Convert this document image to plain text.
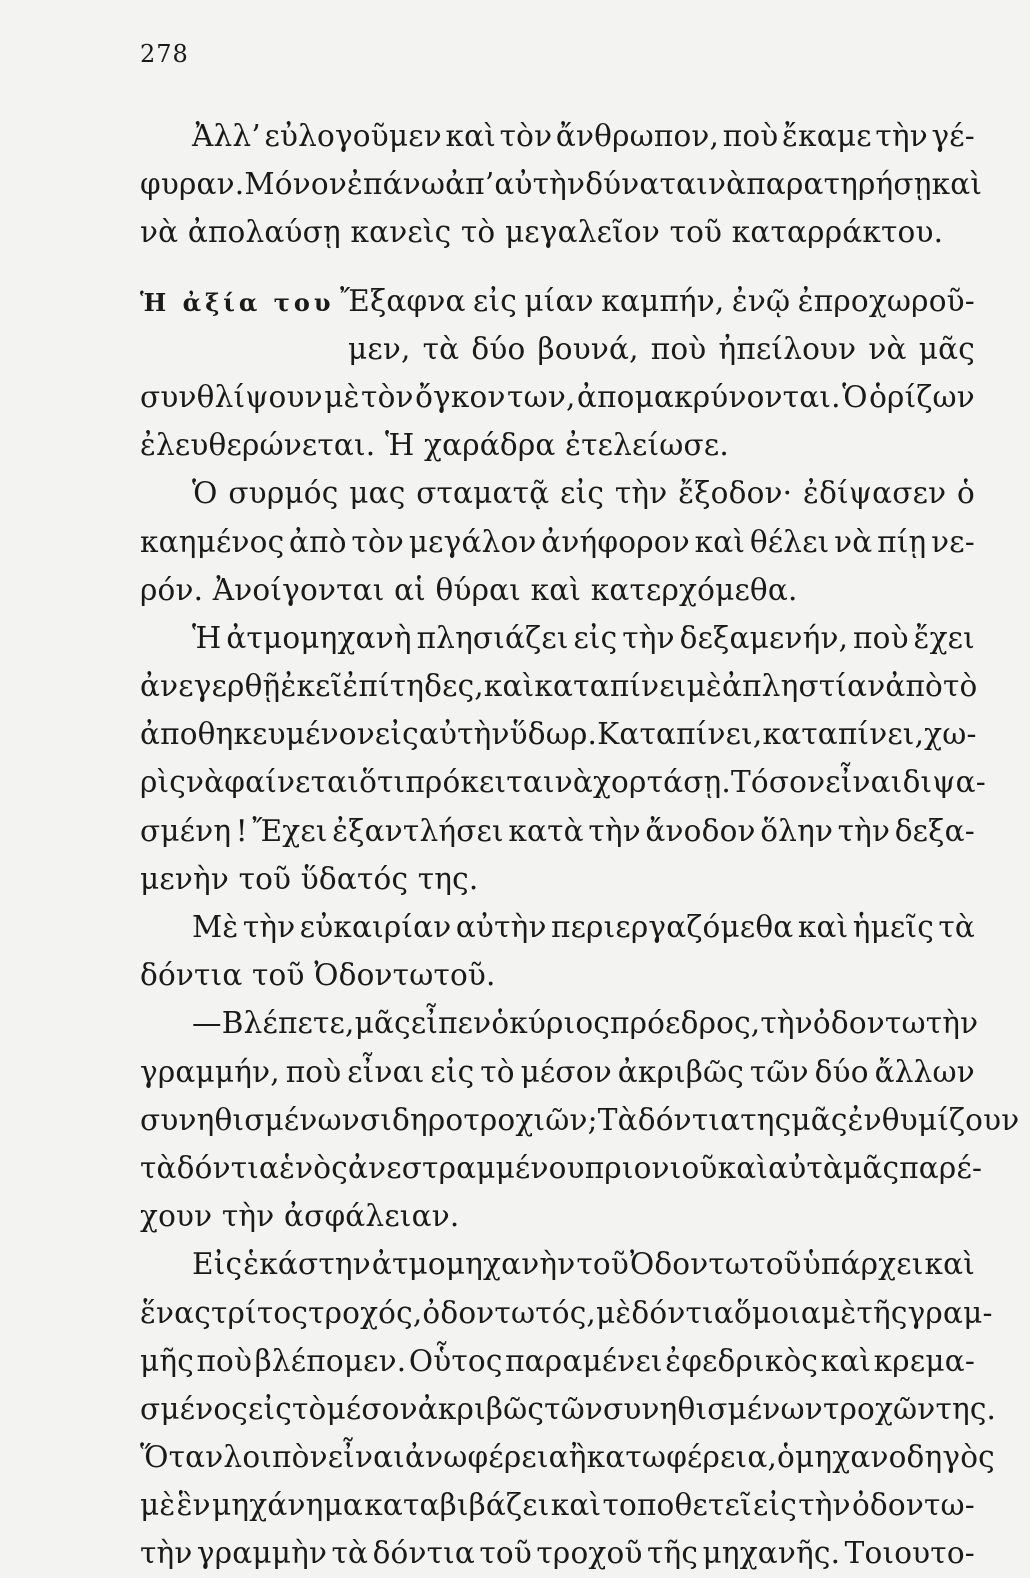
278
Ἀλλ’ εὐλογοῦμεν καὶ τὸν ἄνθρωπον, ποὺ ἔκαμε τὴν γέ-
φυραν. Μόνον ἐπάνω ἀπ’ αὐτὴν δύναται νὰ παρατηρήσῃ καὶ
νὰ ἀπολαύσῃ κανεὶς τὸ μεγαλεῖον τοῦ καταρράκτου.
Ἡ ἀξία του Ἔξαφνα εἰς μίαν καμπήν, ἐνῷ ἐπροχωροῦ-
μεν, τὰ δύο βουνά, ποὺ ἠπείλουν νὰ μᾶς
συνθλίψουν μὲ τὸν ὄγκον των, ἀπομακρύνονται. Ὁ ὁρίζων
ἐλευθερώνεται. Ἡ χαράδρα ἐτελείωσε.
Ὁ συρμός μας σταματᾷ εἰς τὴν ἔξοδον· ἐδίψασεν ὁ
καημένος ἀπὸ τὸν μεγάλον ἀνήφορον καὶ θέλει νὰ πίῃ νε-
ρόν. Ἀνοίγονται αἱ θύραι καὶ κατερχόμεθα.
Ἡ ἀτμομηχανὴ πλησιάζει εἰς τὴν δεξαμενήν, ποὺ ἔχει
ἀνεγερθῇ ἐκεῖ ἐπίτηδες, καὶ καταπίνει μὲ ἀπληστίαν ἀπὸ τὸ
ἀποθηκευμένον εἰς αὐτὴν ὕδωρ. Καταπίνει, καταπίνει, χω-
ρὶς νὰ φαίνεται ὅτι πρόκειται νὰ χορτάσῃ. Τόσον εἶναι διψα-
σμένη ! Ἔχει ἐξαντλήσει κατὰ τὴν ἄνοδον ὅλην τὴν δεξα-
μενὴν τοῦ ὕδατός της.
Μὲ τὴν εὐκαιρίαν αὐτὴν περιεργαζόμεθα καὶ ἡμεῖς τὰ
δόντια τοῦ Ὀδοντωτοῦ.
— Βλέπετε, μᾶς εἶπεν ὁ κύριος πρόεδρος, τὴν ὀδοντωτὴν
γραμμήν, ποὺ εἶναι εἰς τὸ μέσον ἀκριβῶς τῶν δύο ἄλλων
συνηθισμένων σιδηροτροχιῶν; Τὰ δόντια της μᾶς ἐνθυμίζουν
τὰ δόντια ἑνὸς ἀνεστραμμένου πριονιοῦ καὶ αὐτὰ μᾶς παρέ-
χουν τὴν ἀσφάλειαν.
Εἰς ἑκάστην ἀτμομηχανὴν τοῦ Ὀδοντωτοῦ ὑπάρχει καὶ
ἕνας τρίτος τροχός, ὀδοντωτός, μὲ δόντια ὅμοια μὲ τῆς γραμ-
μῆς ποὺ βλέπομεν. Οὗτος παραμένει ἐφεδρικὸς καὶ κρεμα-
σμένος εἰς τὸ μέσον ἀκριβῶς τῶν συνηθισμένων τροχῶν της.
Ὅταν λοιπὸν εἶναι ἀνωφέρεια ἢ κατωφέρεια, ὁ μηχανοδηγὸς
μὲ ἓν μηχάνημα καταβιβάζει καὶ τοποθετεῖ εἰς τὴν ὀδοντω-
τὴν γραμμὴν τὰ δόντια τοῦ τροχοῦ τῆς μηχανῆς. Τοιουτο-
